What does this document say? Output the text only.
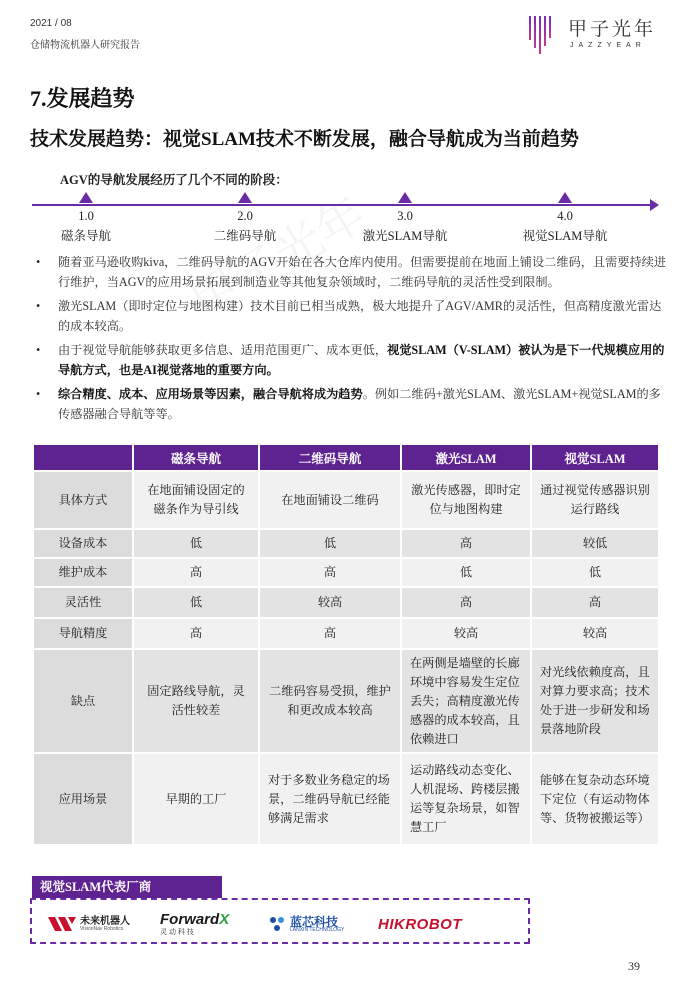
2021 / 08
仓储物流机器人研究报告
甲子光年
JAZZYEAR
7.发展趋势
技术发展趋势：视觉SLAM技术不断发展，融合导航成为当前趋势
AGV的导航发展经历了几个不同的阶段：
1.0
磁条导航
2.0
二维码导航
3.0
激光SLAM导航
4.0
视觉SLAM导航
• 随着亚马逊收购kiva，二维码导航的AGV开始在各大仓库内使用。但需要提前在地面上铺设二维码，且需要持续进行维护，当AGV的应用场景拓展到制造业等其他复杂领域时，二维码导航的灵活性受到限制。
• 激光SLAM（即时定位与地图构建）技术目前已相当成熟，极大地提升了AGV/AMR的灵活性，但高精度激光雷达的成本较高。
• 由于视觉导航能够获取更多信息、适用范围更广、成本更低，视觉SLAM（V-SLAM）被认为是下一代规模应用的导航方式，也是AI视觉落地的重要方向。
• 综合精度、成本、应用场景等因素，融合导航将成为趋势。例如二维码+激光SLAM、激光SLAM+视觉SLAM的多传感器融合导航等等。
	磁条导航	二维码导航	激光SLAM	视觉SLAM
具体方式	在地面铺设固定的磁条作为导引线	在地面铺设二维码	激光传感器，即时定位与地图构建	通过视觉传感器识别运行路线
设备成本	低	低	高	较低
维护成本	高	高	低	低
灵活性	低	较高	高	高
导航精度	高	高	较高	较高
缺点	固定路线导航，灵活性较差	二维码容易受损，维护和更改成本较高	在两侧是墙壁的长廊环境中容易发生定位丢失；高精度激光传感器的成本较高，且依赖进口	对光线依赖度高，且对算力要求高；技术处于进一步研发和场景落地阶段
应用场景	早期的工厂	对于多数业务稳定的场景，二维码导航已经能够满足需求	运动路线动态变化、人机混场、跨楼层搬运等复杂场景，如智慧工厂	能够在复杂动态环境下定位（有运动物体等、货物被搬运等）
视觉SLAM代表厂商
未来机器人
VisionNav Robotics
ForwardX
灵 动 科 技
蓝芯科技
LANXIN TECHNOLOGY HIKROBOT
39
